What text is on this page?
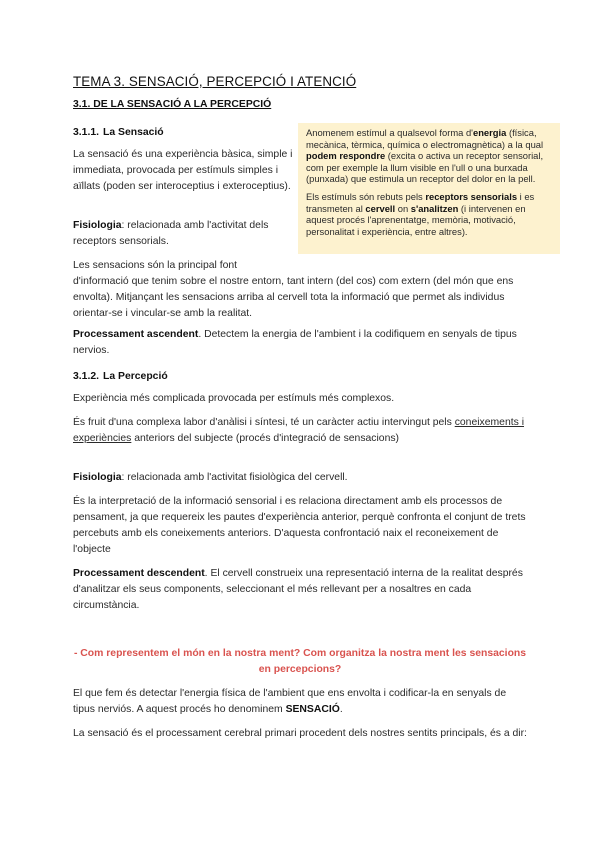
TEMA 3. SENSACIÓ, PERCEPCIÓ I ATENCIÓ
3.1. DE LA SENSACIÓ A LA PERCEPCIÓ
3.1.1. La Sensació

La sensació és una experiència bàsica, simple i immediata, provocada per estímuls simples i aïllats (poden ser interoceptius i exteroceptius).

Fisiologia: relacionada amb l'activitat dels receptors sensorials.

Anomenem estímul a qualsevol forma d'energia (física, mecànica, tèrmica, química o electromagnètica) a la qual podem respondre (excita o activa un receptor sensorial, com per exemple la llum visible en l'ull o una burxada (punxada) que estimula un receptor del dolor en la pell.

Els estímuls són rebuts pels receptors sensorials i es transmeten al cervell on s'analitzen (i intervenen en aquest procés l'aprenentatge, memòria, motivació, personalitat i experiència, entre altres).

Les sensacions són la principal font

d'informació que tenim sobre el nostre entorn, tant intern (del cos) com extern (del món que ens envolta). Mitjançant les sensacions arriba al cervell tota la informació que permet als individus orientar-se i vincular-se amb la realitat.

Processament ascendent. Detectem la energia de l'ambient i la codifiquem en senyals de tipus nervios.

3.1.2. La Percepció

Experiència més complicada provocada per estímuls més complexos.

És fruit d'una complexa labor d'anàlisi i síntesi, té un caràcter actiu intervingut pels coneixements i experiències anteriors del subjecte (procés d'integració de sensacions)

Fisiologia: relacionada amb l'activitat fisiològica del cervell.

És la interpretació de la informació sensorial i es relaciona directament amb els processos de pensament, ja que requereix les pautes d'experiència anterior, perquè confronta el conjunt de trets percebuts amb els coneixements anteriors. D'aquesta confrontació naix el reconeixement de l'objecte

Processament descendent. El cervell construeix una representació interna de la realitat després d'analitzar els seus components, seleccionant el més rellevant per a nosaltres en cada circumstància.

- Com representem el món en la nostra ment? Com organitza la nostra ment les sensacions en percepcions?

El que fem és detectar l'energia física de l'ambient que ens envolta i codificar-la en senyals de tipus nerviós. A aquest procés ho denominem SENSACIÓ.

La sensació és el processament cerebral primari procedent dels nostres sentits principals, és a dir:
